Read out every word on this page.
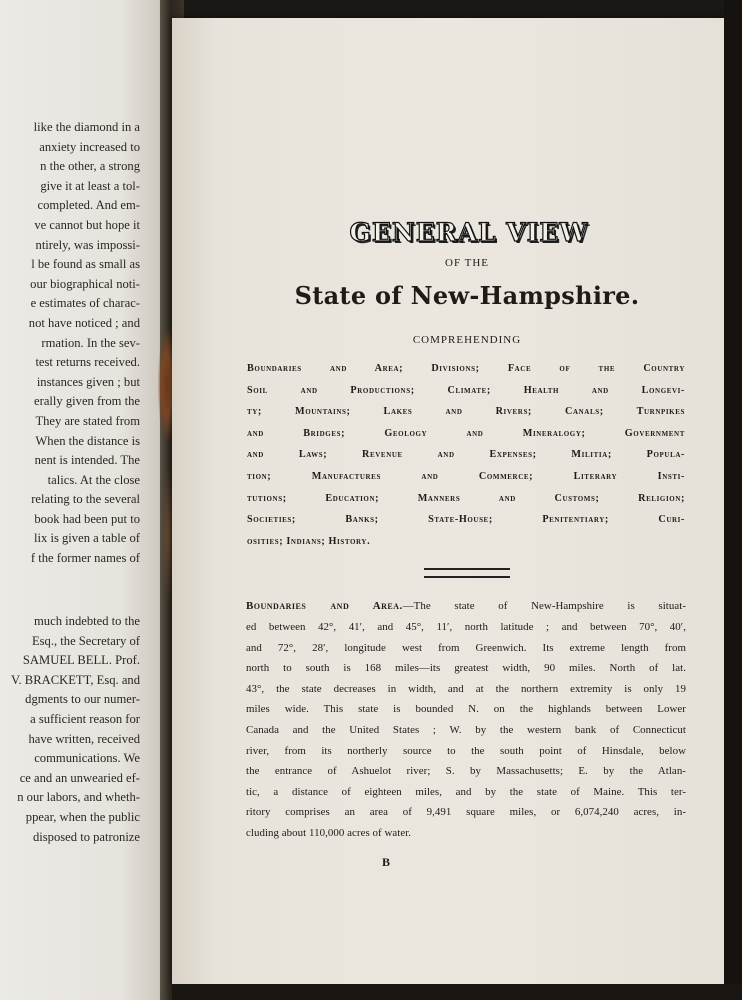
like the diamond in a
anxiety increased to
n the other, a strong
give it at least a tol-
completed. And em-
ve cannot but hope it
ntirely, was impossi-
l be found as small as
our biographical noti-
e estimates of charac-
not have noticed ; and
rmation. In the sev-
test returns received.
instances given ; but
erally given from the
They are stated from
When the distance is
nent is intended. The
talics. At the close
relating to the several
book had been put to
lix is given a table of
f the former names of
much indebted to the
Esq., the Secretary of
SAMUEL BELL. Prof.
V. BRACKETT, Esq. and
dgments to our numer-
a sufficient reason for
have written, received
communications. We
ce and an unwearied ef-
n our labors, and wheth-
ppear, when the public
disposed to patronize
GENERAL VIEW
OF THE
State of New-Hampshire.
COMPREHENDING
Boundaries and Area; Divisions; Face of the Country
Soil and Productions; Climate; Health and Longevi-
ty; Mountains; Lakes and Rivers; Canals; Turnpikes
and Bridges; Geology and Mineralogy; Government
and Laws; Revenue and Expenses; Militia; Popula-
tion; Manufactures and Commerce; Literary Insti-
tutions; Education; Manners and Customs; Religion;
Societies; Banks; State-House; Penitentiary; Curi-
osities; Indians; History.
Boundaries and Area.—The state of New-Hampshire is situat-
ed between 42°, 41′, and 45°, 11′, north latitude ; and between 70°, 40′,
and 72°, 28′, longitude west from Greenwich. Its extreme length from
north to south is 168 miles—its greatest width, 90 miles. North of lat.
43°, the state decreases in width, and at the northern extremity is only 19
miles wide. This state is bounded N. on the highlands between Lower
Canada and the United States ; W. by the western bank of Connecticut
river, from its northerly source to the south point of Hinsdale, below
the entrance of Ashuelot river; S. by Massachusetts; E. by the Atlan-
tic, a distance of eighteen miles, and by the state of Maine. This ter-
ritory comprises an area of 9,491 square miles, or 6,074,240 acres, in-
cluding about 110,000 acres of water.
B
